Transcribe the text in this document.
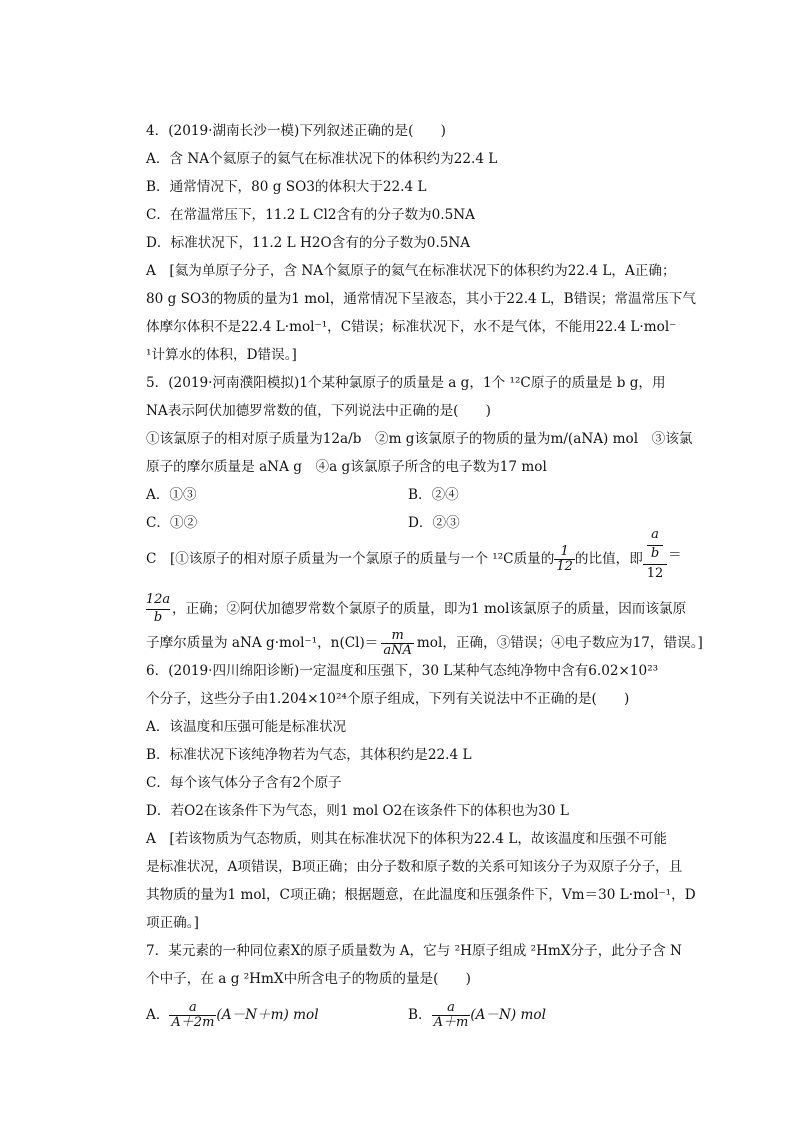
4．(2019·湖南长沙一模)下列叙述正确的是(　　)
A．含 NA个氦原子的氦气在标准状况下的体积约为22.4 L
B．通常情况下，80 g SO3的体积大于22.4 L
C．在常温常压下，11.2 L Cl2含有的分子数为0.5NA
D．标准状况下，11.2 L H2O含有的分子数为0.5NA
A　[氦为单原子分子，含 NA个氦原子的氦气在标准状况下的体积约为22.4 L，A正确；
80 g SO3的物质的量为1 mol，通常情况下呈液态，其小于22.4 L，B错误；常温常压下气
体摩尔体积不是22.4 L·mol⁻¹，C错误；标准状况下，水不是气体，不能用22.4 L·mol⁻
¹计算水的体积，D错误。]
5．(2019·河南濮阳模拟)1个某种氯原子的质量是 a g，1个 ¹²C原子的质量是 b g，用
NA表示阿伏加德罗常数的值，下列说法中正确的是(　　)
①该氯原子的相对原子质量为12a/b　②m g该氯原子的物质的量为m/(aNA) mol　③该氯
原子的摩尔质量是 aNA g　④a g该氯原子所含的电子数为17 mol
A．①③	B．②④
C．①②	D．②③
C　[①该原子的相对原子质量为一个氯原子的质量与一个 ¹²C质量的 $\frac{1}{12}$ 的比值，即
a
b
12
＝
12a
b
，正确；②阿伏加德罗常数个氯原子的质量，即为1 mol该氯原子的质量，因而该氯原
子摩尔质量为 aNA g·mol⁻¹，$n(Cl)= \frac{m}{\text{aNA}}$ mol，正确，③错误；④电子数应为17，错误。]
6．(2019·四川绵阳诊断)一定温度和压强下，30 L某种气态纯净物中含有6.02×10²³
个分子，这些分子由1.204×10²⁴个原子组成，下列有关说法中不正确的是(　　)
A．该温度和压强可能是标准状况
B．标准状况下该纯净物若为气态，其体积约是22.4 L
C．每个该气体分子含有2个原子
D．若O2在该条件下为气态，则1 mol O2在该条件下的体积也为30 L
A　[若该物质为气态物质，则其在标准状况下的体积为22.4 L，故该温度和压强不可能
是标准状况，A项错误，B项正确；由分子数和原子数的关系可知该分子为双原子分子，且
其物质的量为1 mol，C项正确；根据题意，在此温度和压强条件下，Vm＝30 L·mol⁻¹，D
项正确。]
7．某元素的一种同位素X的原子质量数为 A，它与 ²H原子组成 ²HmX分子，此分子含 N
个中子，在 a g ²HmX中所含电子的物质的量是(　　)
A． $\frac{a}{A+2m} (A-N+m)$ mol	B． $\frac{a}{A+m} (A-N)$ mol
